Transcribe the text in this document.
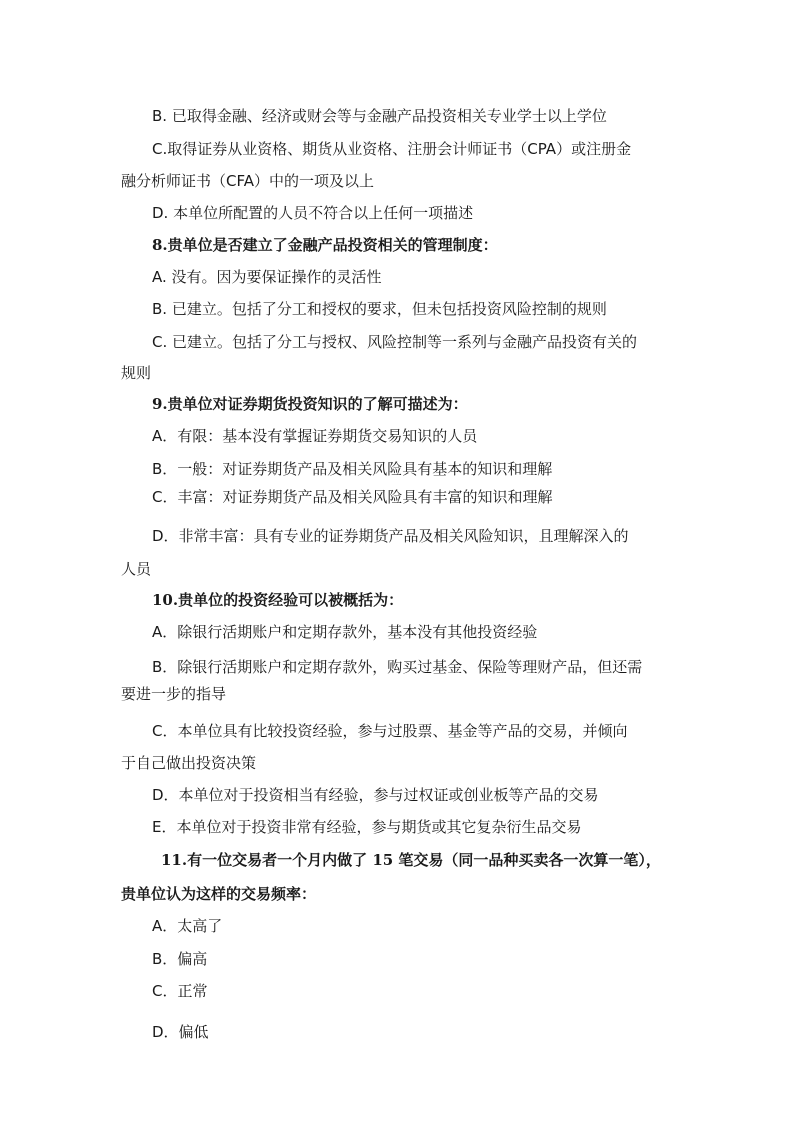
B. 已取得金融、经济或财会等与金融产品投资相关专业学士以上学位
C.取得证券从业资格、期货从业资格、注册会计师证书（CPA）或注册金
融分析师证书（CFA）中的一项及以上
D. 本单位所配置的人员不符合以上任何一项描述
8.贵单位是否建立了金融产品投资相关的管理制度：
A. 没有。因为要保证操作的灵活性
B. 已建立。包括了分工和授权的要求，但未包括投资风险控制的规则
C. 已建立。包括了分工与授权、风险控制等一系列与金融产品投资有关的
规则
9.贵单位对证券期货投资知识的了解可描述为：
A．有限：基本没有掌握证券期货交易知识的人员
B．一般：对证券期货产品及相关风险具有基本的知识和理解
C．丰富：对证券期货产品及相关风险具有丰富的知识和理解
D．非常丰富：具有专业的证券期货产品及相关风险知识，且理解深入的
人员
10.贵单位的投资经验可以被概括为：
A．除银行活期账户和定期存款外，基本没有其他投资经验
B．除银行活期账户和定期存款外，购买过基金、保险等理财产品，但还需
要进一步的指导
C．本单位具有比较投资经验，参与过股票、基金等产品的交易，并倾向
于自己做出投资决策
D．本单位对于投资相当有经验，参与过权证或创业板等产品的交易
E．本单位对于投资非常有经验，参与期货或其它复杂衍生品交易
11.有一位交易者一个月内做了 15 笔交易（同一品种买卖各一次算一笔），
贵单位认为这样的交易频率：
A．太高了
B．偏高
C．正常
D．偏低
